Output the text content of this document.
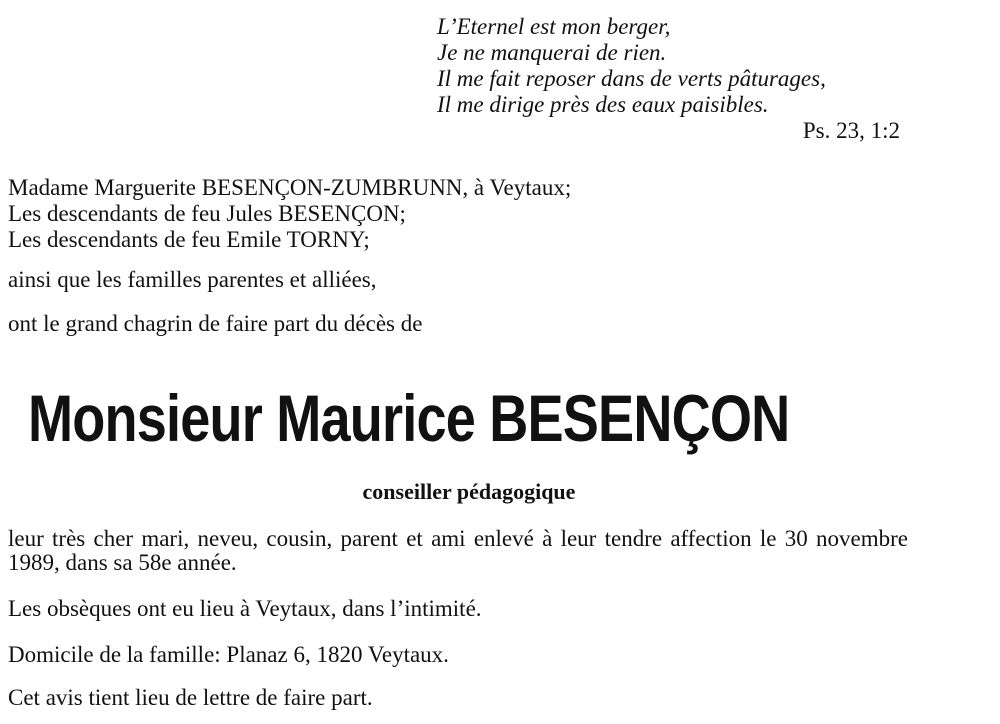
L’Eternel est mon berger,
Je ne manquerai de rien.
Il me fait reposer dans de verts pâturages,
Il me dirige près des eaux paisibles.
Ps. 23, 1:2
Madame Marguerite BESENÇON-ZUMBRUNN, à Veytaux;
Les descendants de feu Jules BESENÇON;
Les descendants de feu Emile TORNY;
ainsi que les familles parentes et alliées,
ont le grand chagrin de faire part du décès de
Monsieur Maurice BESENÇON
conseiller pédagogique
leur très cher mari, neveu, cousin, parent et ami enlevé à leur tendre affection le 30 novembre 1989, dans sa 58e année.
Les obsèques ont eu lieu à Veytaux, dans l’intimité.
Domicile de la famille: Planaz 6, 1820 Veytaux.
Cet avis tient lieu de lettre de faire part.
